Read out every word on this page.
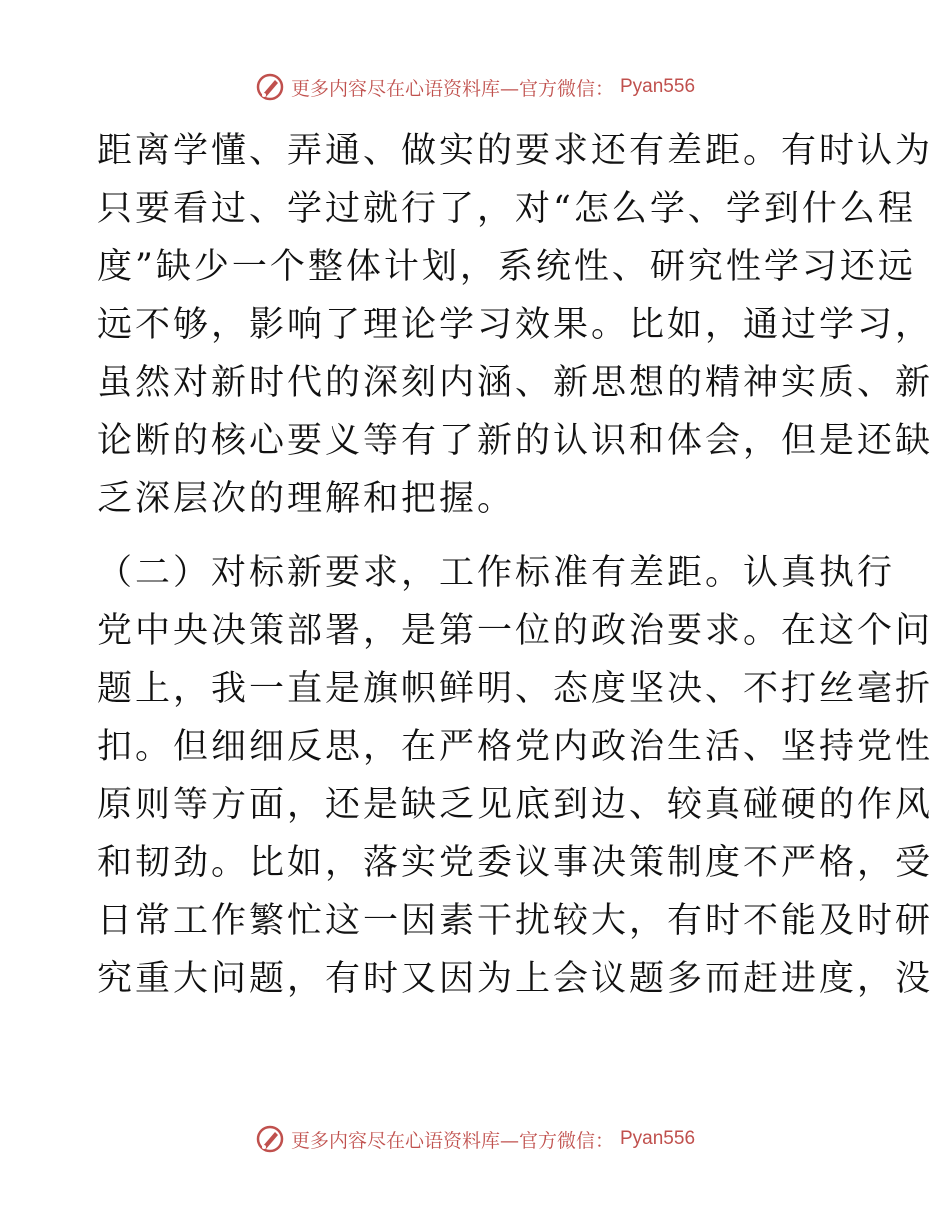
更多内容尽在心语资料库—官方微信： Pyan556
距离学懂、弄通、做实的要求还有差距。有时认为
只要看过、学过就行了，对“怎么学、学到什么程
度”缺少一个整体计划，系统性、研究性学习还远
远不够，影响了理论学习效果。比如，通过学习，
虽然对新时代的深刻内涵、新思想的精神实质、新
论断的核心要义等有了新的认识和体会，但是还缺
乏深层次的理解和把握。
（二）对标新要求，工作标准有差距。认真执行
党中央决策部署，是第一位的政治要求。在这个问
题上，我一直是旗帜鲜明、态度坚决、不打丝毫折
扣。但细细反思，在严格党内政治生活、坚持党性
原则等方面，还是缺乏见底到边、较真碰硬的作风
和韧劲。比如，落实党委议事决策制度不严格，受
日常工作繁忙这一因素干扰较大，有时不能及时研
究重大问题，有时又因为上会议题多而赶进度，没
更多内容尽在心语资料库—官方微信： Pyan556
